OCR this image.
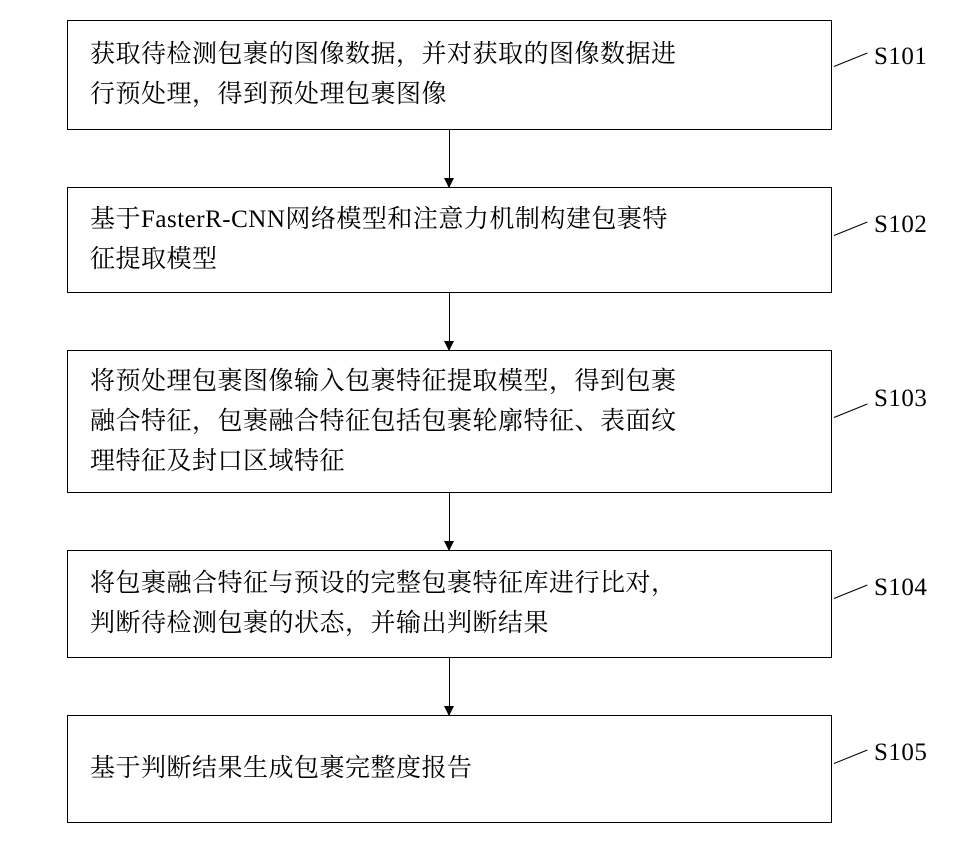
获取待检测包裹的图像数据，并对获取的图像数据进
行预处理，得到预处理包裹图像
S101
基于FasterR-CNN网络模型和注意力机制构建包裹特
征提取模型
S102
将预处理包裹图像输入包裹特征提取模型，得到包裹
融合特征，包裹融合特征包括包裹轮廓特征、表面纹
理特征及封口区域特征
S103
将包裹融合特征与预设的完整包裹特征库进行比对，
判断待检测包裹的状态，并输出判断结果
S104
基于判断结果生成包裹完整度报告
S105
